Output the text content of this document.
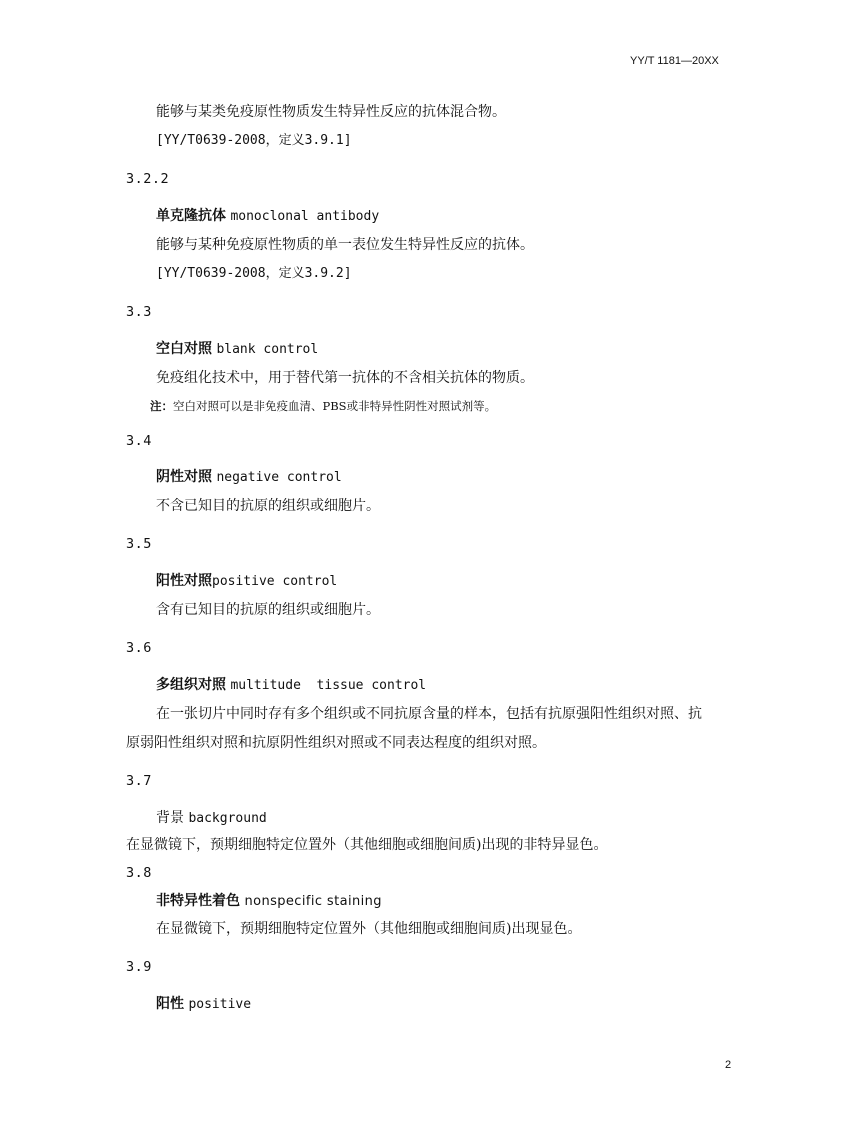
YY/T 1181—20XX
能够与某类免疫原性物质发生特异性反应的抗体混合物。
[YY/T0639-2008，定义3.9.1]
3.2.2
单克隆抗体 monoclonal antibody
能够与某种免疫原性物质的单一表位发生特异性反应的抗体。
[YY/T0639-2008，定义3.9.2]
3.3
空白对照 blank control
免疫组化技术中，用于替代第一抗体的不含相关抗体的物质。
注：空白对照可以是非免疫血清、PBS或非特异性阴性对照试剂等。
3.4
阴性对照 negative control
不含已知目的抗原的组织或细胞片。
3.5
阳性对照positive control
含有已知目的抗原的组织或细胞片。
3.6
多组织对照 multitude  tissue control
在一张切片中同时存有多个组织或不同抗原含量的样本，包括有抗原强阳性组织对照、抗
原弱阳性组织对照和抗原阴性组织对照或不同表达程度的组织对照。
3.7
背景 background
在显微镜下，预期细胞特定位置外（其他细胞或细胞间质)出现的非特异显色。
3.8
非特异性着色 nonspecific staining
在显微镜下，预期细胞特定位置外（其他细胞或细胞间质)出现显色。
3.9
阳性 positive
2
